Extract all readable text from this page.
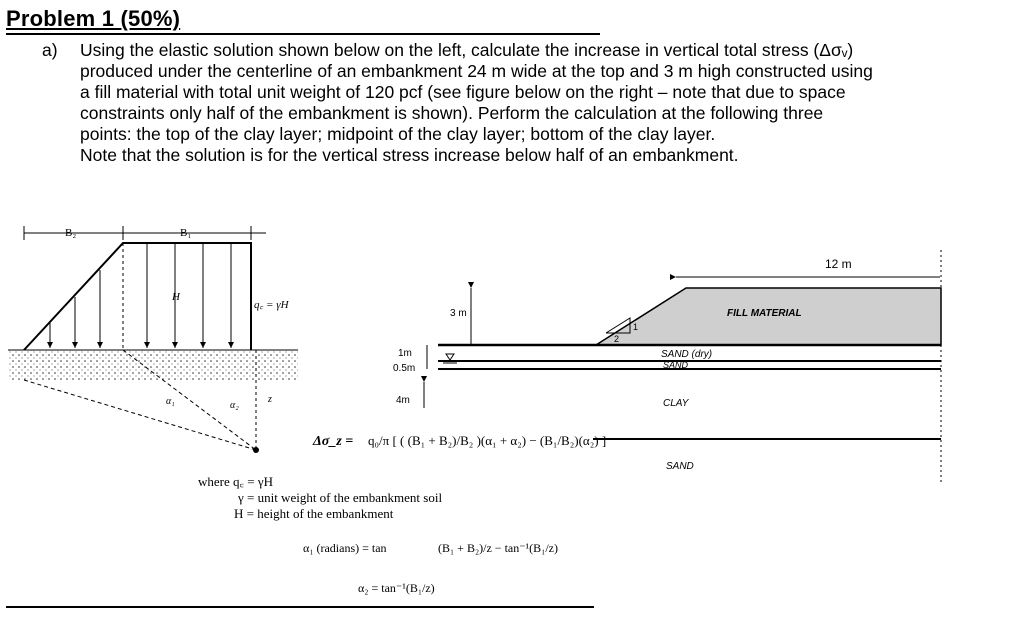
Problem 1 (50%)
a) Using the elastic solution shown below on the left, calculate the increase in vertical total stress (Δσᵥ)

produced under the centerline of an embankment 24 m wide at the top and 3 m high constructed using

a fill material with total unit weight of 120 pcf (see figure below on the right – note that due to space

constraints only half of the embankment is shown). Perform the calculation at the following three

points: the top of the clay layer; midpoint of the clay layer; bottom of the clay layer.

Note that the solution is for the vertical stress increase below half of an embankment.

B₂	B₁
H
q꜀ = γH
α₁	α₂
z
Δσ_z = q₀/π [ ( (B₁ + B₂)/B₂ )(α₁ + α₂) − (B₁/B₂)(α₂) ]
where q꜀ = γH
γ = unit weight of the embankment soil
H = height of the embankment
α₁ (radians) = tan	(B₁ + B₂)/z − tan⁻¹(B₁/z)
α₂ = tan⁻¹(B₁/z)
1
2
12 m
3 m
1m
0.5m
4m
FILL MATERIAL
SAND (dry)
SAND
CLAY
SAND
